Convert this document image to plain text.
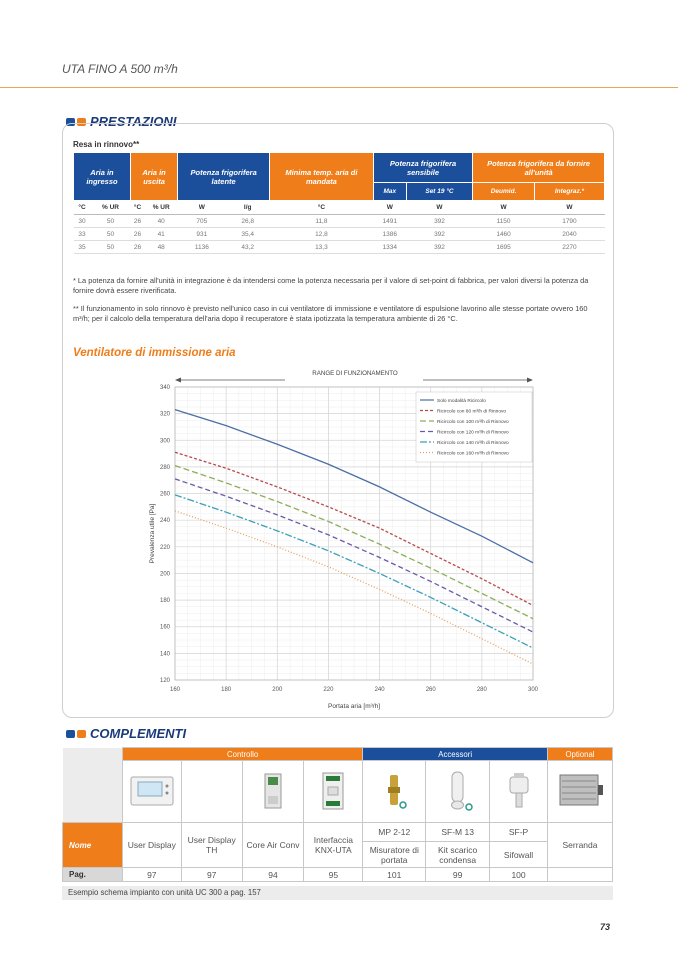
UTA FINO A 500 m³/h
PRESTAZIONI
Resa in rinnovo**
Aria in ingresso		Aria in uscita		Potenza frigorifera latente		Minima temp. aria di mandata	Potenza frigorifera sensibile		Potenza frigorifera da fornire all'unità	
							Max	Set 19 °C	Deumid.	Integraz.*
°C	% UR	°C	% UR	W	l/g	°C	W	W	W	W
30	50	26	40	705	26,8	11,8	1491	392	1150	1790
33	50	26	41	931	35,4	12,8	1386	392	1460	2040
35	50	26	48	1136	43,2	13,3	1334	392	1695	2270
* La potenza da fornire all'unità in integrazione è da intendersi come la potenza necessaria per il valore di set-point di fabbrica, per valori diversi la potenza da fornire dovrà essere riverificata.
** Il funzionamento in solo rinnovo è previsto nell'unico caso in cui ventilatore di immissione e ventilatore di espulsione lavorino alle stesse portate ovvero 160 m³/h; per il calcolo della temperatura dell'aria dopo il recuperatore è stata ipotizzata la temperatura ambiente di 26 °C.
Ventilatore di immissione aria
RANGE DI FUNZIONAMENTO
160	180	200	220	240	260	280	300
120
140
160
180
200
220
240
260
280
300
320
340
Portata aria [m³/h]
Prevalenza utile [Pa]
Solo modalità Ricircolo
Ricircolo con 80 m³/h di Rinnovo
Ricircolo con 100 m³/h di Rinnovo
Ricircolo con 120 m³/h di Rinnovo
Ricircolo con 140 m³/h di Rinnovo
Ricircolo con 160 m³/h di Rinnovo
COMPLEMENTI
	Controllo				Accessori			Optional

Nome	User Display	User Display TH	Core Air Conv	Interfaccia KNX-UTA	MP 2-12	SF-M 13	SF-P	Serranda
					Misuratore di portata	Kit scarico condensa	Sifowall	
Pag.	97	97	94	95	101	99	100	
Esempio schema impianto con unità UC 300 a pag. 157
73
